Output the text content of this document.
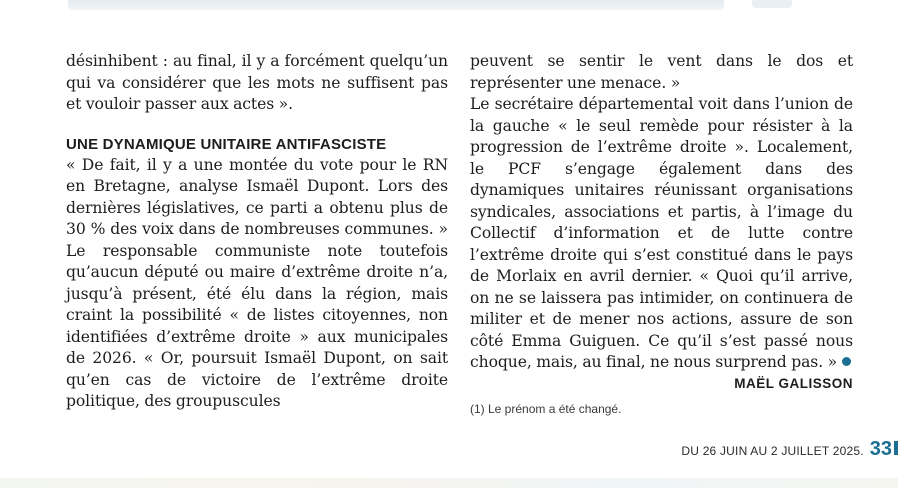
désinhibent : au final, il y a forcément quelqu’un qui va considérer que les mots ne suffisent pas et vouloir passer aux actes ».

UNE DYNAMIQUE UNITAIRE ANTIFASCISTE

« De fait, il y a une montée du vote pour le RN en Bretagne, analyse Ismaël Dupont. Lors des dernières législatives, ce parti a obtenu plus de 30 % des voix dans de nombreuses communes. » Le responsable communiste note toutefois qu’aucun député ou maire d’extrême droite n’a, jusqu’à présent, été élu dans la région, mais craint la possibilité « de listes citoyennes, non identifiées d’extrême droite » aux municipales de 2026. « Or, poursuit Ismaël Dupont, on sait qu’en cas de victoire de l’extrême droite politique, des groupuscules

peuvent se sentir le vent dans le dos et représenter une menace. »

Le secrétaire départemental voit dans l’union de la gauche « le seul remède pour résister à la progression de l’extrême droite ». Localement, le PCF s’engage également dans des dynamiques unitaires réunissant organisations syndicales, associations et partis, à l’image du Collectif d’information et de lutte contre l’extrême droite qui s’est constitué dans le pays de Morlaix en avril dernier. « Quoi qu’il arrive, on ne se laissera pas intimider, on continuera de militer et de mener nos actions, assure de son côté Emma Guiguen. Ce qu’il s’est passé nous choque, mais, au final, ne nous surprend pas. »

MAËL GALISSON

(1) Le prénom a été changé.

DU 26 JUIN AU 2 JUILLET 2025. 33
